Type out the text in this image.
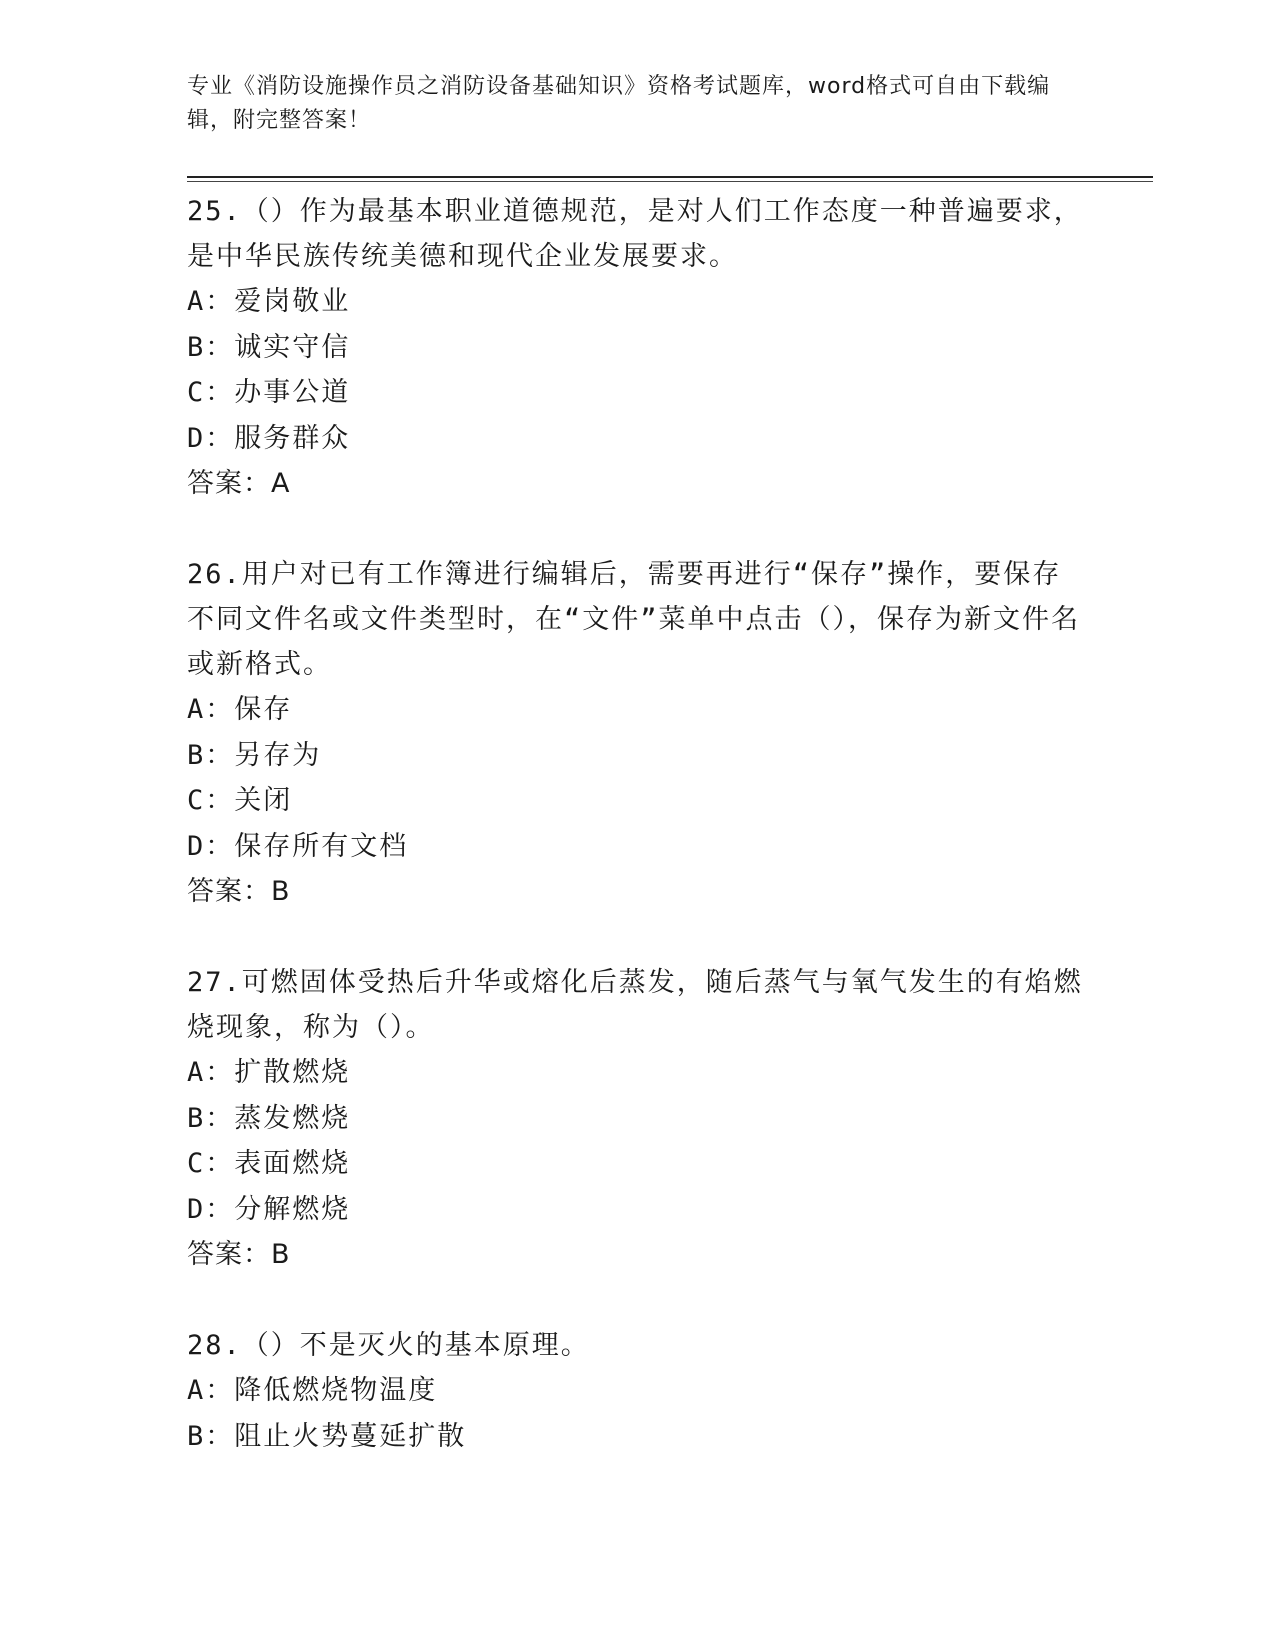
专业《消防设施操作员之消防设备基础知识》资格考试题库，word格式可自由下载编辑，附完整答案！

25.（）作为最基本职业道德规范，是对人们工作态度一种普遍要求，是中华民族传统美德和现代企业发展要求。

A：爱岗敬业

B：诚实守信

C：办事公道

D：服务群众

答案：A

26.用户对已有工作簿进行编辑后，需要再进行“保存”操作，要保存不同文件名或文件类型时，在“文件”菜单中点击（），保存为新文件名或新格式。

A：保存

B：另存为

C：关闭

D：保存所有文档

答案：B

27.可燃固体受热后升华或熔化后蒸发，随后蒸气与氧气发生的有焰燃烧现象，称为（）。

A：扩散燃烧

B：蒸发燃烧

C：表面燃烧

D：分解燃烧

答案：B

28.（）不是灭火的基本原理。

A：降低燃烧物温度

B：阻止火势蔓延扩散
